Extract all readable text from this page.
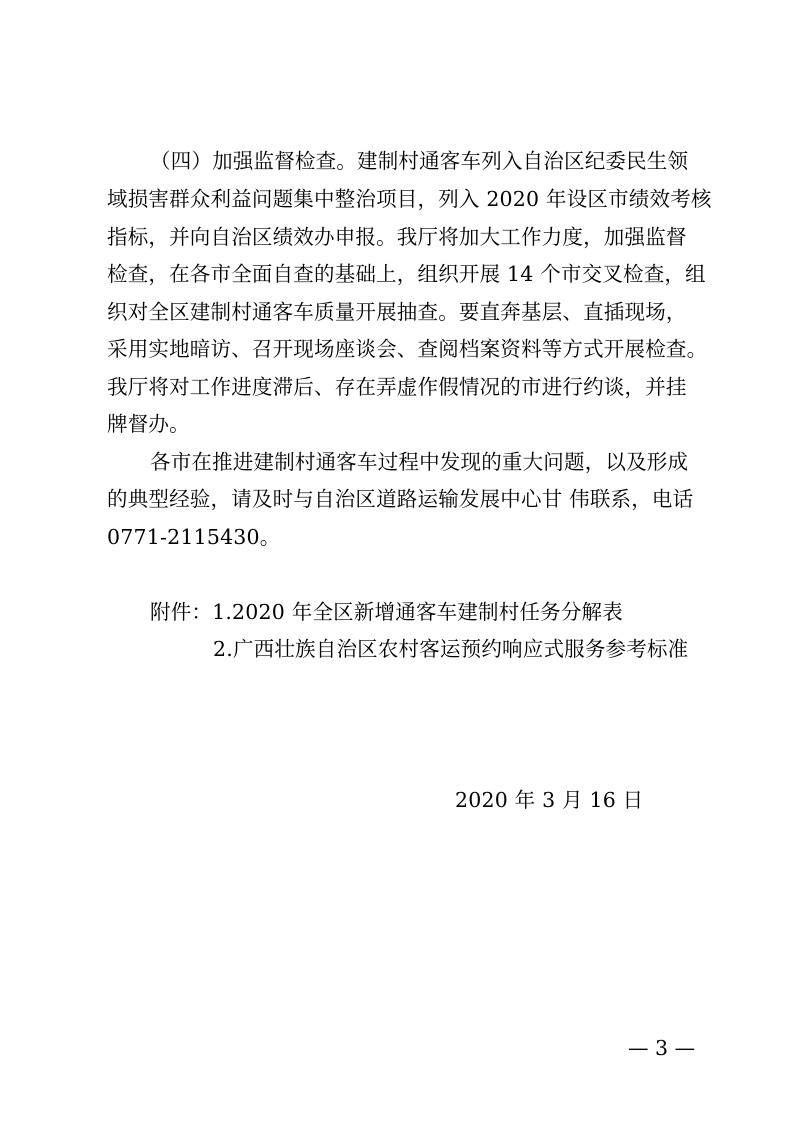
（四）加强监督检查。建制村通客车列入自治区纪委民生领
域损害群众利益问题集中整治项目，列入 2020 年设区市绩效考核
指标，并向自治区绩效办申报。我厅将加大工作力度，加强监督
检查，在各市全面自查的基础上，组织开展 14 个市交叉检查，组
织对全区建制村通客车质量开展抽查。要直奔基层、直插现场，
采用实地暗访、召开现场座谈会、查阅档案资料等方式开展检查。
我厅将对工作进度滞后、存在弄虚作假情况的市进行约谈，并挂
牌督办。
各市在推进建制村通客车过程中发现的重大问题，以及形成
的典型经验，请及时与自治区道路运输发展中心甘 伟联系，电话
0771-2115430。
附件：1.2020 年全区新增通客车建制村任务分解表
2.广西壮族自治区农村客运预约响应式服务参考标准
2020 年 3 月 16 日
— 3 —
